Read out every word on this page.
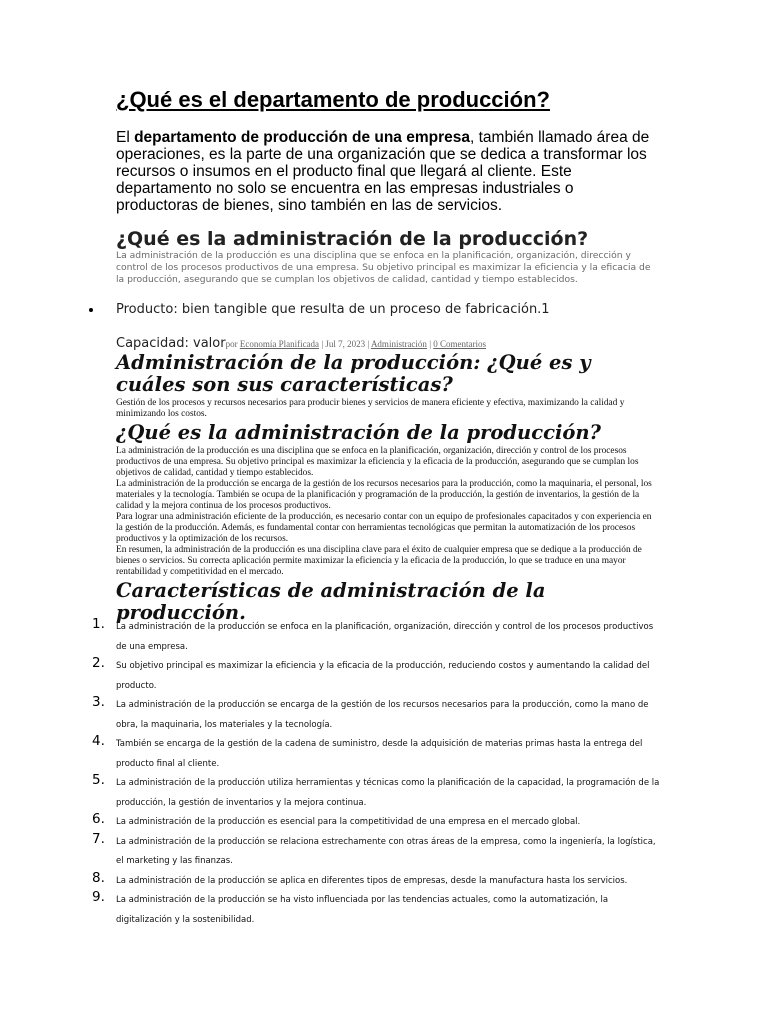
¿Qué es el departamento de producción?

El departamento de producción de una empresa, también llamado área de operaciones, es la parte de una organización que se dedica a transformar los recursos o insumos en el producto final que llegará al cliente. Este departamento no solo se encuentra en las empresas industriales o productoras de bienes, sino también en las de servicios.

¿Qué es la administración de la producción?

La administración de la producción es una disciplina que se enfoca en la planificación, organización, dirección y control de los procesos productivos de una empresa. Su objetivo principal es maximizar la eficiencia y la eficacia de la producción, asegurando que se cumplan los objetivos de calidad, cantidad y tiempo establecidos.

Producto: bien tangible que resulta de un proceso de fabricación.1
Capacidad: valorpor Economía Planificada | Jul 7, 2023 | Administración | 0 Comentarios
Administración de la producción: ¿Qué es y cuáles son sus características?

Gestión de los procesos y recursos necesarios para producir bienes y servicios de manera eficiente y efectiva, maximizando la calidad y minimizando los costos.

¿Qué es la administración de la producción?

La administración de la producción es una disciplina que se enfoca en la planificación, organización, dirección y control de los procesos productivos de una empresa. Su objetivo principal es maximizar la eficiencia y la eficacia de la producción, asegurando que se cumplan los objetivos de calidad, cantidad y tiempo establecidos.

La administración de la producción se encarga de la gestión de los recursos necesarios para la producción, como la maquinaria, el personal, los materiales y la tecnología. También se ocupa de la planificación y programación de la producción, la gestión de inventarios, la gestión de la calidad y la mejora continua de los procesos productivos.

Para lograr una administración eficiente de la producción, es necesario contar con un equipo de profesionales capacitados y con experiencia en la gestión de la producción. Además, es fundamental contar con herramientas tecnológicas que permitan la automatización de los procesos productivos y la optimización de los recursos.

En resumen, la administración de la producción es una disciplina clave para el éxito de cualquier empresa que se dedique a la producción de bienes o servicios. Su correcta aplicación permite maximizar la eficiencia y la eficacia de la producción, lo que se traduce en una mayor rentabilidad y competitividad en el mercado.

Características de administración de la producción.
1. La administración de la producción se enfoca en la planificación, organización, dirección y control de los procesos productivos de una empresa.
2. Su objetivo principal es maximizar la eficiencia y la eficacia de la producción, reduciendo costos y aumentando la calidad del producto.
3. La administración de la producción se encarga de la gestión de los recursos necesarios para la producción, como la mano de obra, la maquinaria, los materiales y la tecnología.
4. También se encarga de la gestión de la cadena de suministro, desde la adquisición de materias primas hasta la entrega del producto final al cliente.
5. La administración de la producción utiliza herramientas y técnicas como la planificación de la capacidad, la programación de la producción, la gestión de inventarios y la mejora continua.
6. La administración de la producción es esencial para la competitividad de una empresa en el mercado global.
7. La administración de la producción se relaciona estrechamente con otras áreas de la empresa, como la ingeniería, la logística, el marketing y las finanzas.
8. La administración de la producción se aplica en diferentes tipos de empresas, desde la manufactura hasta los servicios.
9. La administración de la producción se ha visto influenciada por las tendencias actuales, como la automatización, la digitalización y la sostenibilidad.
